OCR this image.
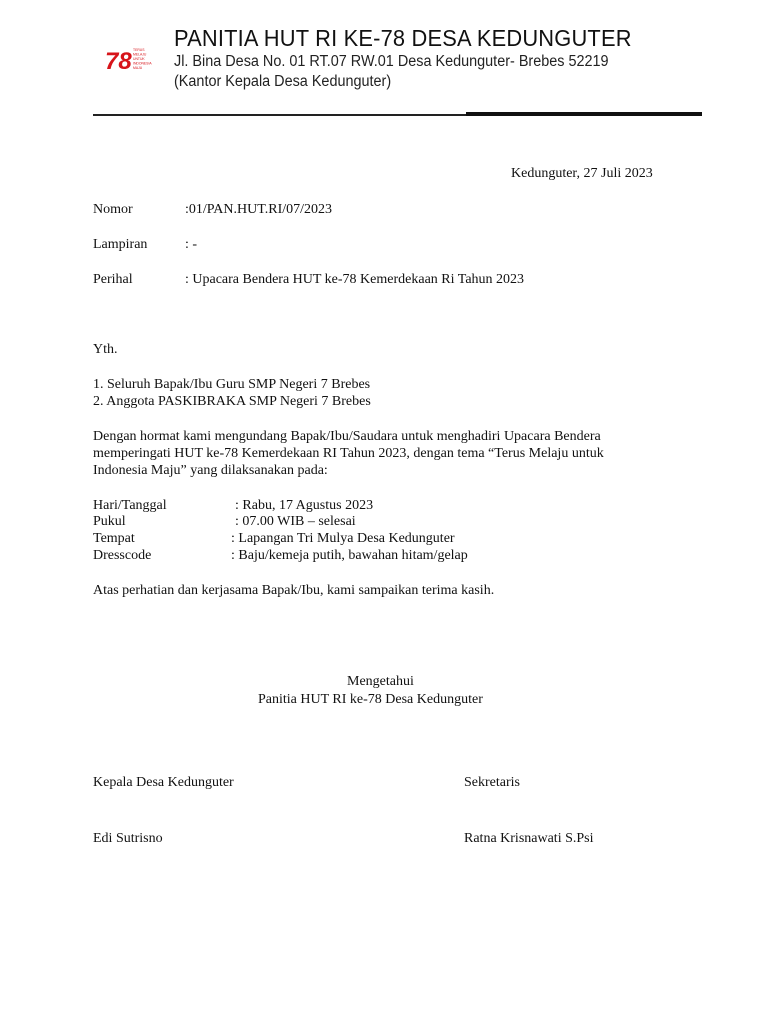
78 TERUS
MELAJU
UNTUK
INDONESIA
MAJU
PANITIA HUT RI KE-78 DESA KEDUNGUTER
Jl. Bina Desa No. 01 RT.07 RW.01 Desa Kedunguter- Brebes 52219
(Kantor Kepala Desa Kedunguter)
Kedunguter, 27 Juli 2023
Nomor	:01/PAN.HUT.RI/07/2023
Lampiran	: -
Perihal	: Upacara Bendera HUT ke-78 Kemerdekaan Ri Tahun 2023
Yth.
1. Seluruh Bapak/Ibu Guru SMP Negeri 7 Brebes
2. Anggota PASKIBRAKA SMP Negeri 7 Brebes
Dengan hormat kami mengundang Bapak/Ibu/Saudara untuk menghadiri Upacara Bendera
memperingati HUT ke-78 Kemerdekaan RI Tahun 2023, dengan tema “Terus Melaju untuk
Indonesia Maju” yang dilaksanakan pada:
Hari/Tanggal	: Rabu, 17 Agustus 2023
Pukul	: 07.00 WIB – selesai
Tempat	: Lapangan Tri Mulya Desa Kedunguter
Dresscode	: Baju/kemeja putih, bawahan hitam/gelap
Atas perhatian dan kerjasama Bapak/Ibu, kami sampaikan terima kasih.
Mengetahui
Panitia HUT RI ke-78 Desa Kedunguter
Kepala Desa Kedunguter	Sekretaris
Edi Sutrisno	Ratna Krisnawati S.Psi
